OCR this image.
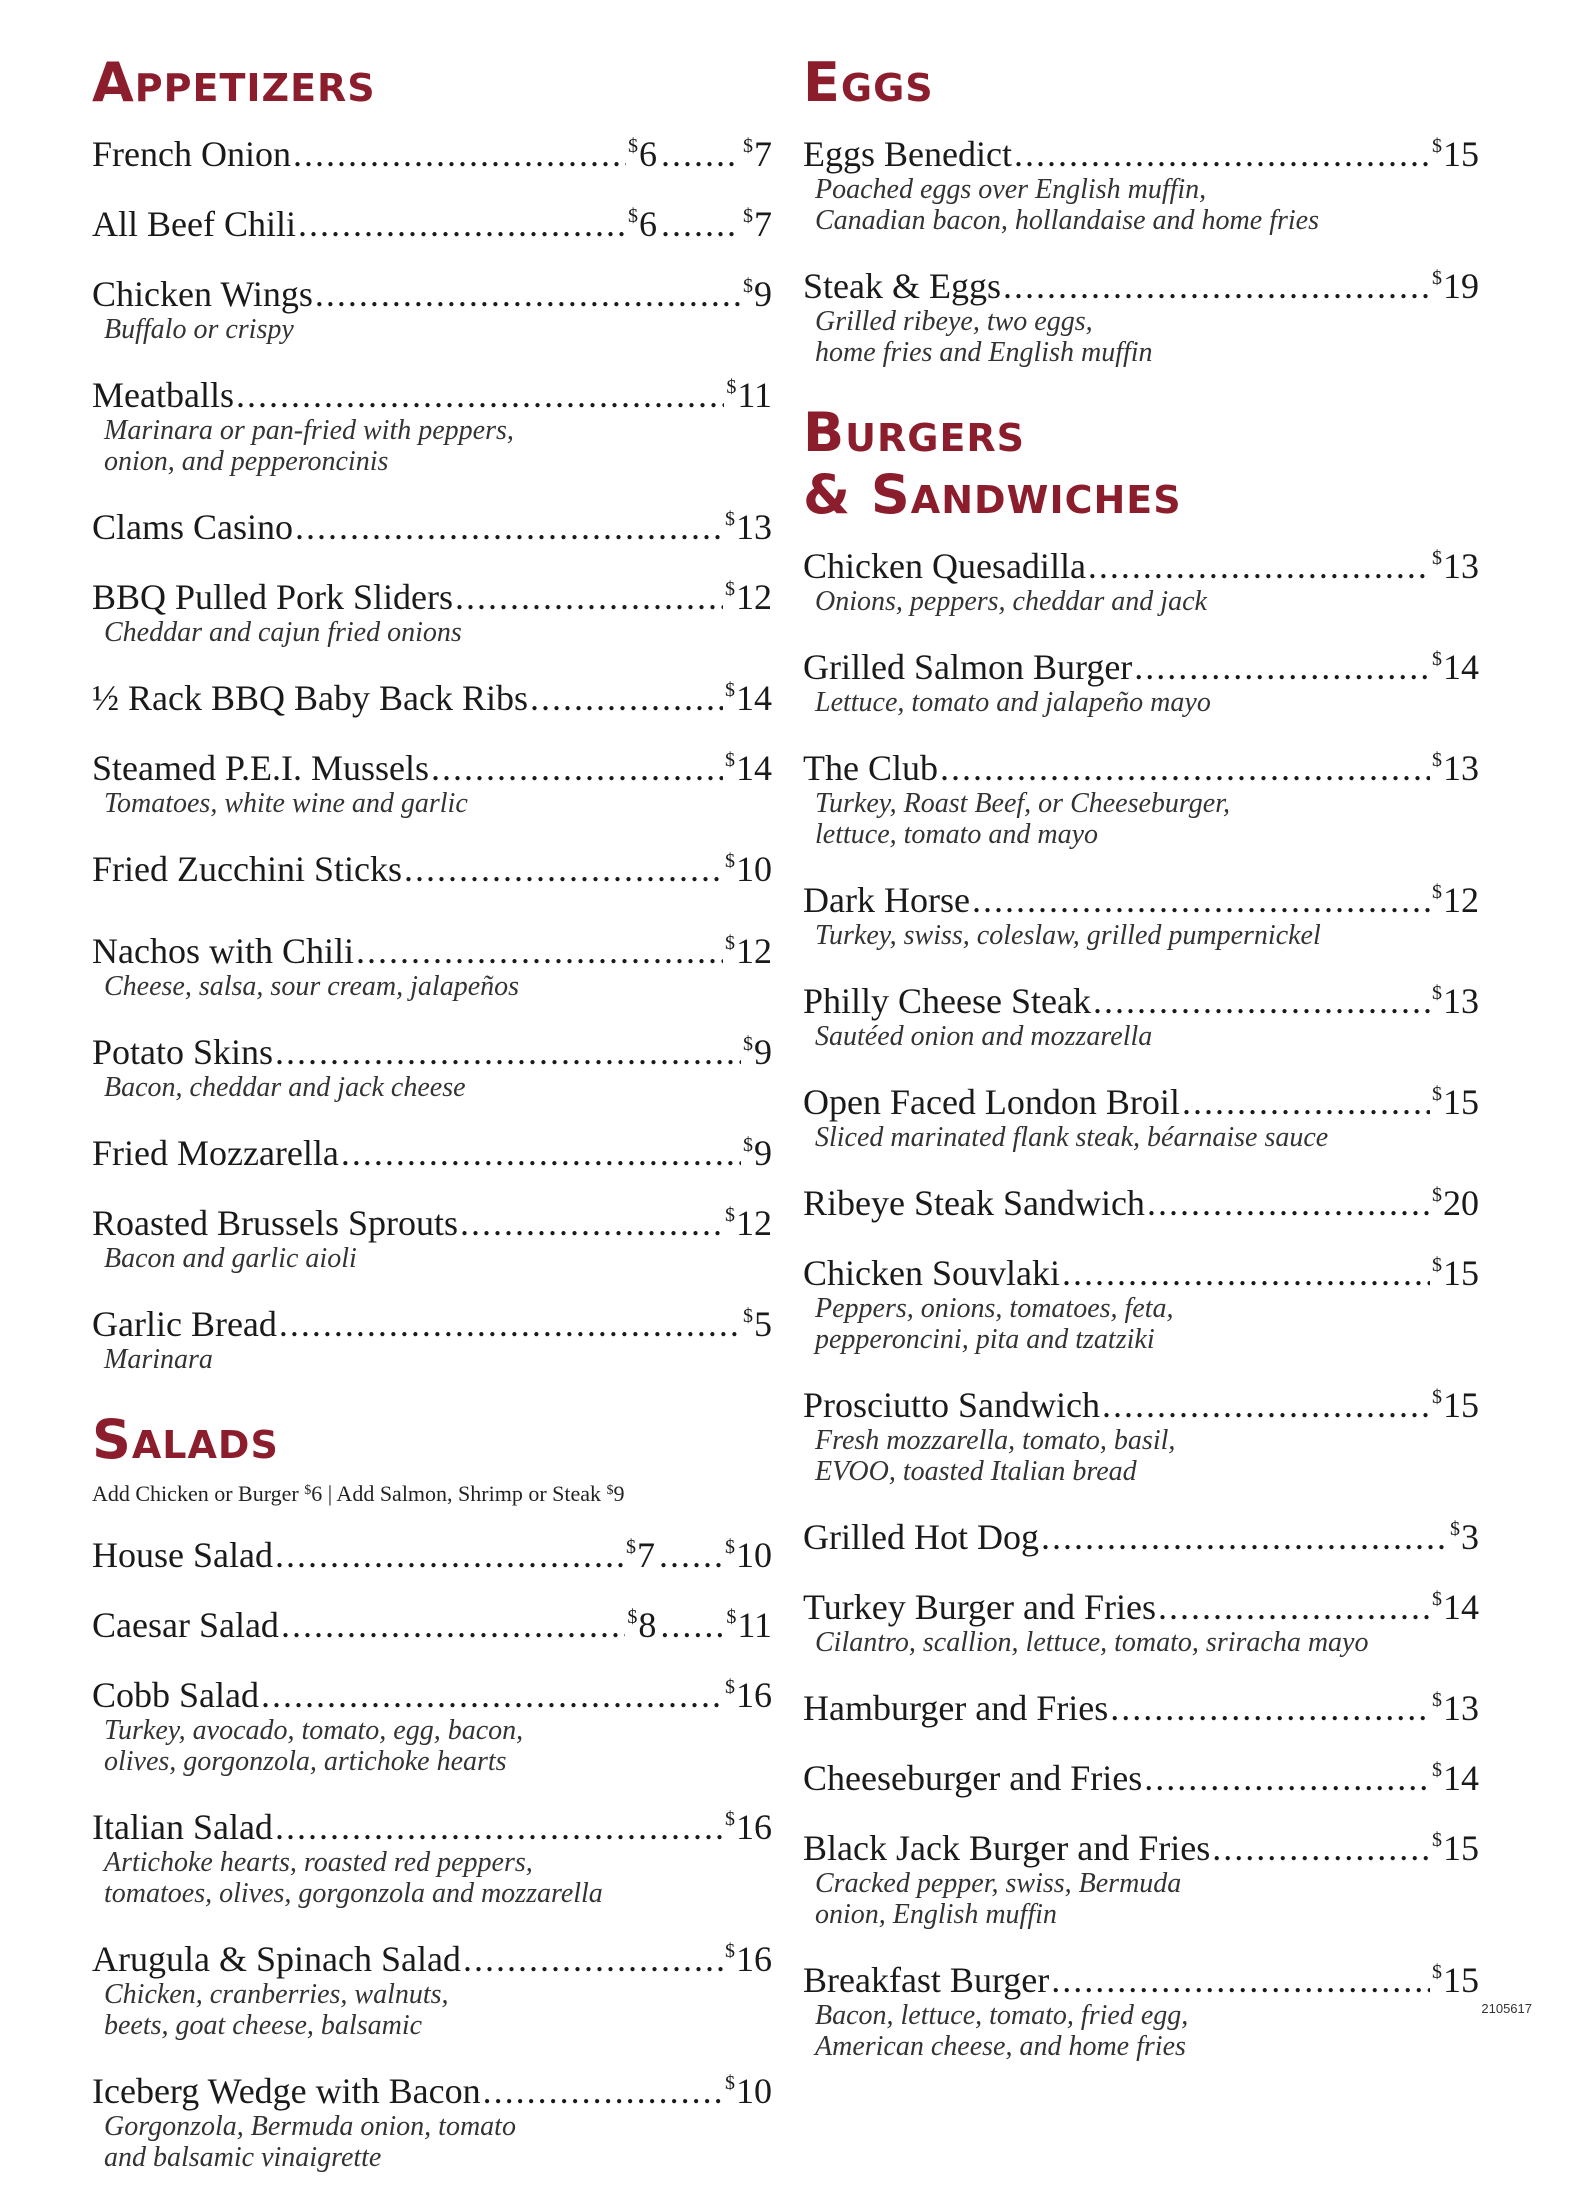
Appetizers
French Onion .....	$6 .....	$7
All Beef Chili .....	$6 .....	$7
Chicken Wings .....	$9
Buffalo or crispy
Meatballs .....	$11
Marinara or pan-fried with peppers,
onion, and pepperoncinis
Clams Casino .....	$13
BBQ Pulled Pork Sliders .....	$12
Cheddar and cajun fried onions
½ Rack BBQ Baby Back Ribs .....	$14
Steamed P.E.I. Mussels .....	$14
Tomatoes, white wine and garlic
Fried Zucchini Sticks .....	$10
Nachos with Chili .....	$12
Cheese, salsa, sour cream, jalapeños
Potato Skins .....	$9
Bacon, cheddar and jack cheese
Fried Mozzarella .....	$9
Roasted Brussels Sprouts .....	$12
Bacon and garlic aioli
Garlic Bread .....	$5
Marinara
Salads
Add Chicken or Burger $6 | Add Salmon, Shrimp or Steak $9
House Salad .....	$7 .....	$10
Caesar Salad .....	$8 .....	$11
Cobb Salad .....	$16
Turkey, avocado, tomato, egg, bacon,
olives, gorgonzola, artichoke hearts
Italian Salad .....	$16
Artichoke hearts, roasted red peppers,
tomatoes, olives, gorgonzola and mozzarella
Arugula & Spinach Salad .....	$16
Chicken, cranberries, walnuts,
beets, goat cheese, balsamic
Iceberg Wedge with Bacon .....	$10
Gorgonzola, Bermuda onion, tomato
and balsamic vinaigrette
Eggs
Eggs Benedict .....	$15
Poached eggs over English muffin,
Canadian bacon, hollandaise and home fries
Steak & Eggs .....	$19
Grilled ribeye, two eggs,
home fries and English muffin
Burgers
& Sandwiches
Chicken Quesadilla .....	$13
Onions, peppers, cheddar and jack
Grilled Salmon Burger .....	$14
Lettuce, tomato and jalapeño mayo
The Club .....	$13
Turkey, Roast Beef, or Cheeseburger,
lettuce, tomato and mayo
Dark Horse .....	$12
Turkey, swiss, coleslaw, grilled pumpernickel
Philly Cheese Steak .....	$13
Sautéed onion and mozzarella
Open Faced London Broil .....	$15
Sliced marinated flank steak, béarnaise sauce
Ribeye Steak Sandwich .....	$20
Chicken Souvlaki .....	$15
Peppers, onions, tomatoes, feta,
pepperoncini, pita and tzatziki
Prosciutto Sandwich .....	$15
Fresh mozzarella, tomato, basil,
EVOO, toasted Italian bread
Grilled Hot Dog .....	$3
Turkey Burger and Fries .....	$14
Cilantro, scallion, lettuce, tomato, sriracha mayo
Hamburger and Fries .....	$13
Cheeseburger and Fries .....	$14
Black Jack Burger and Fries .....	$15
Cracked pepper, swiss, Bermuda
onion, English muffin
Breakfast Burger .....	$15
Bacon, lettuce, tomato, fried egg,
American cheese, and home fries
2105617
